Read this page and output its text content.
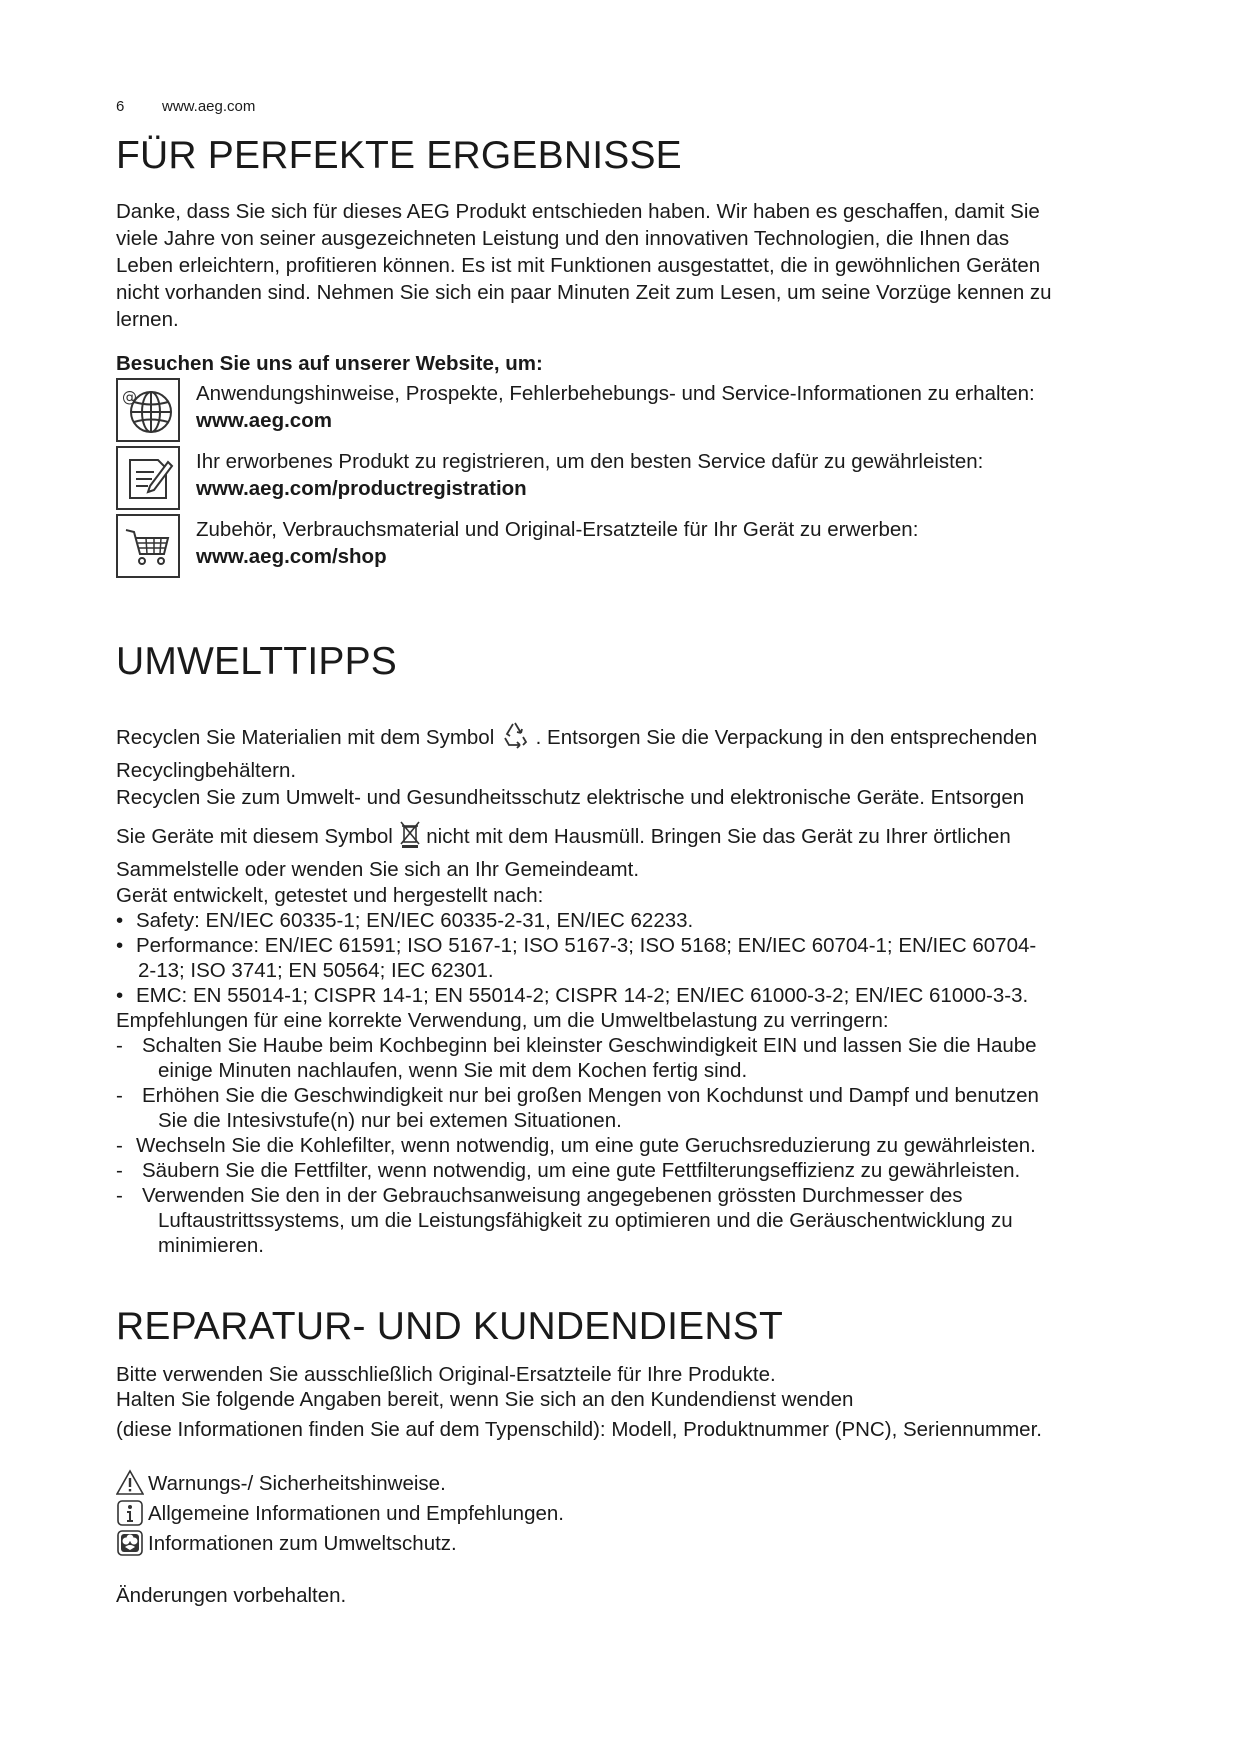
6	www.aeg.com
FÜR PERFEKTE ERGEBNISSE
Danke, dass Sie sich für dieses AEG Produkt entschieden haben. Wir haben es geschaffen, damit Sie
viele Jahre von seiner ausgezeichneten Leistung und den innovativen Technologien, die Ihnen das
Leben erleichtern, profitieren können. Es ist mit Funktionen ausgestattet, die in gewöhnlichen Geräten
nicht vorhanden sind. Nehmen Sie sich ein paar Minuten Zeit zum Lesen, um seine Vorzüge kennen zu
lernen.
Besuchen Sie uns auf unserer Website, um:
@	Anwendungshinweise, Prospekte, Fehlerbehebungs- und Service-Informationen zu erhalten:
www.aeg.com
Ihr erworbenes Produkt zu registrieren, um den besten Service dafür zu gewährleisten:
www.aeg.com/productregistration
Zubehör, Verbrauchsmaterial und Original-Ersatzteile für Ihr Gerät zu erwerben:
www.aeg.com/shop
UMWELTTIPPS
Recyclen Sie Materialien mit dem Symbol . Entsorgen Sie die Verpackung in den entsprechenden
Recyclingbehältern.
Recyclen Sie zum Umwelt- und Gesundheitsschutz elektrische und elektronische Geräte. Entsorgen
Sie Geräte mit diesem Symbol nicht mit dem Hausmüll. Bringen Sie das Gerät zu Ihrer örtlichen
Sammelstelle oder wenden Sie sich an Ihr Gemeindeamt.
Gerät entwickelt, getestet und hergestellt nach:
• Safety: EN/IEC 60335-1; EN/IEC 60335-2-31, EN/IEC 62233.
• Performance: EN/IEC 61591; ISO 5167-1; ISO 5167-3; ISO 5168; EN/IEC 60704-1; EN/IEC 60704-
2-13; ISO 3741; EN 50564; IEC 62301.
• EMC: EN 55014-1; CISPR 14-1; EN 55014-2; CISPR 14-2; EN/IEC 61000-3-2; EN/IEC 61000-3-3.
Empfehlungen für eine korrekte Verwendung, um die Umweltbelastung zu verringern:
- Schalten Sie Haube beim Kochbeginn bei kleinster Geschwindigkeit EIN und lassen Sie die Haube
einige Minuten nachlaufen, wenn Sie mit dem Kochen fertig sind.
- Erhöhen Sie die Geschwindigkeit nur bei großen Mengen von Kochdunst und Dampf und benutzen
Sie die Intesivstufe(n) nur bei extemen Situationen.
- Wechseln Sie die Kohlefilter, wenn notwendig, um eine gute Geruchsreduzierung zu gewährleisten.
- Säubern Sie die Fettfilter, wenn notwendig, um eine gute Fettfilterungseffizienz zu gewährleisten.
- Verwenden Sie den in der Gebrauchsanweisung angegebenen grössten Durchmesser des
Luftaustrittssystems, um die Leistungsfähigkeit zu optimieren und die Geräuschentwicklung zu
minimieren.
REPARATUR- UND KUNDENDIENST
Bitte verwenden Sie ausschließlich Original-Ersatzteile für Ihre Produkte.
Halten Sie folgende Angaben bereit, wenn Sie sich an den Kundendienst wenden
(diese Informationen finden Sie auf dem Typenschild): Modell, Produktnummer (PNC), Seriennummer.
Warnungs-/ Sicherheitshinweise.
Allgemeine Informationen und Empfehlungen.
Informationen zum Umweltschutz.
Änderungen vorbehalten.
